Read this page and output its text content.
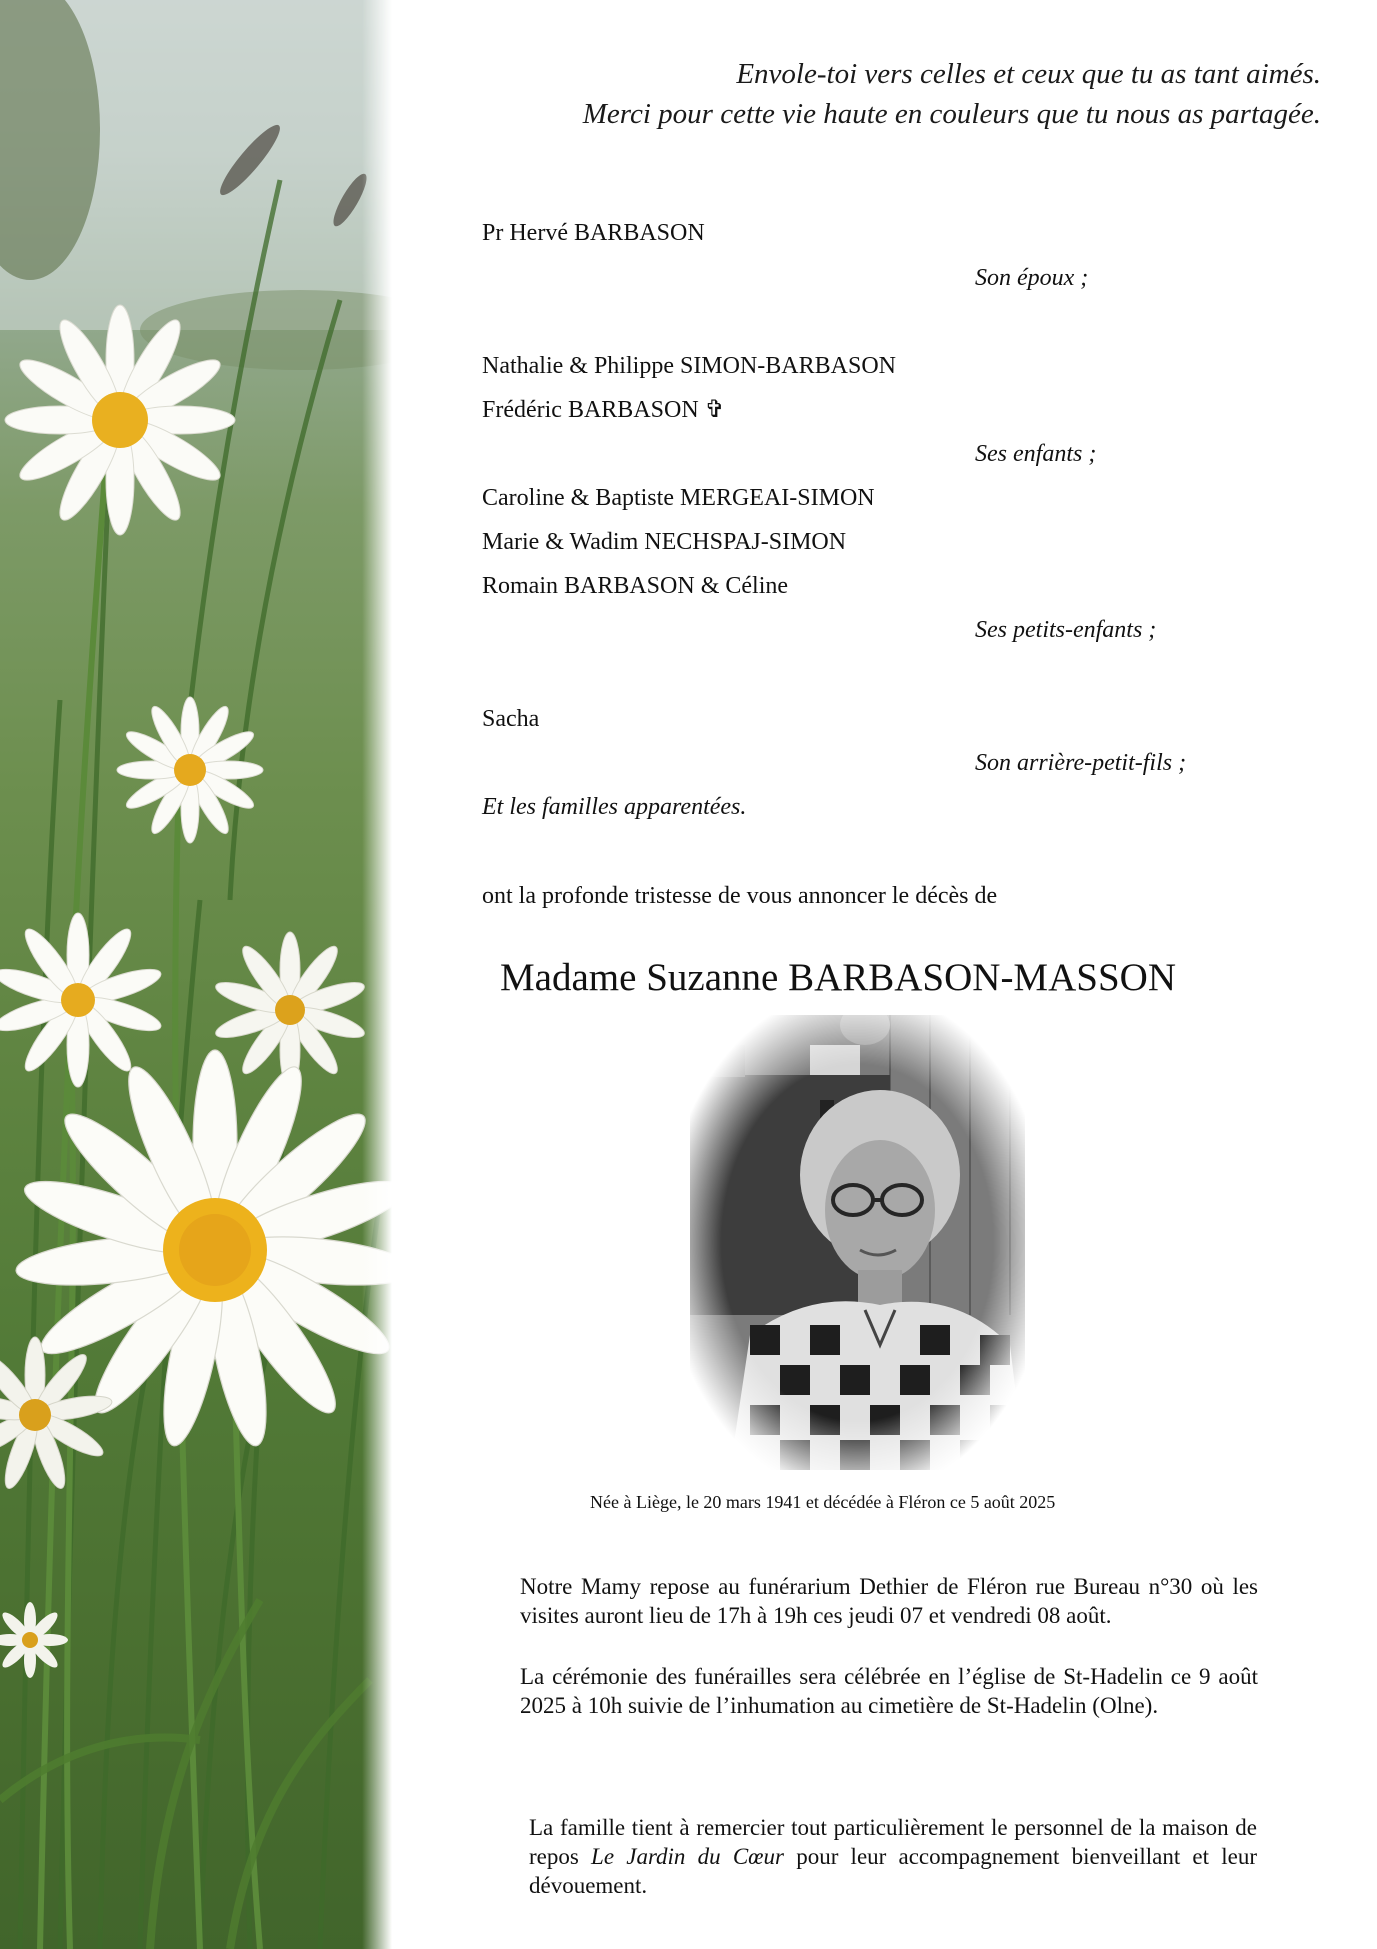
Envole-toi vers celles et ceux que tu as tant aimés.
Merci pour cette vie haute en couleurs que tu nous as partagée.
Pr Hervé BARBASON
Son époux ;
Nathalie & Philippe SIMON-BARBASON
Frédéric BARBASON ✞
Ses enfants ;
Caroline & Baptiste MERGEAI-SIMON
Marie & Wadim NECHSPAJ-SIMON
Romain BARBASON & Céline
Ses petits-enfants ;
Sacha
Son arrière-petit-fils ;
Et les familles apparentées.
ont la profonde tristesse de vous annoncer le décès de
Madame Suzanne BARBASON-MASSON
Née à Liège, le 20 mars 1941 et décédée à Fléron ce 5 août 2025
Notre Mamy repose au funérarium Dethier de Fléron rue Bureau n°30 où les visites auront lieu de 17h à 19h ces jeudi 07 et vendredi 08 août.
La cérémonie des funérailles sera célébrée en l’église de St-Hadelin ce 9 août 2025 à 10h suivie de l’inhumation au cimetière de St-Hadelin (Olne).
La famille tient à remercier tout particulièrement le personnel de la maison de repos Le Jardin du Cœur pour leur accompagnement bienveillant et leur dévouement.
